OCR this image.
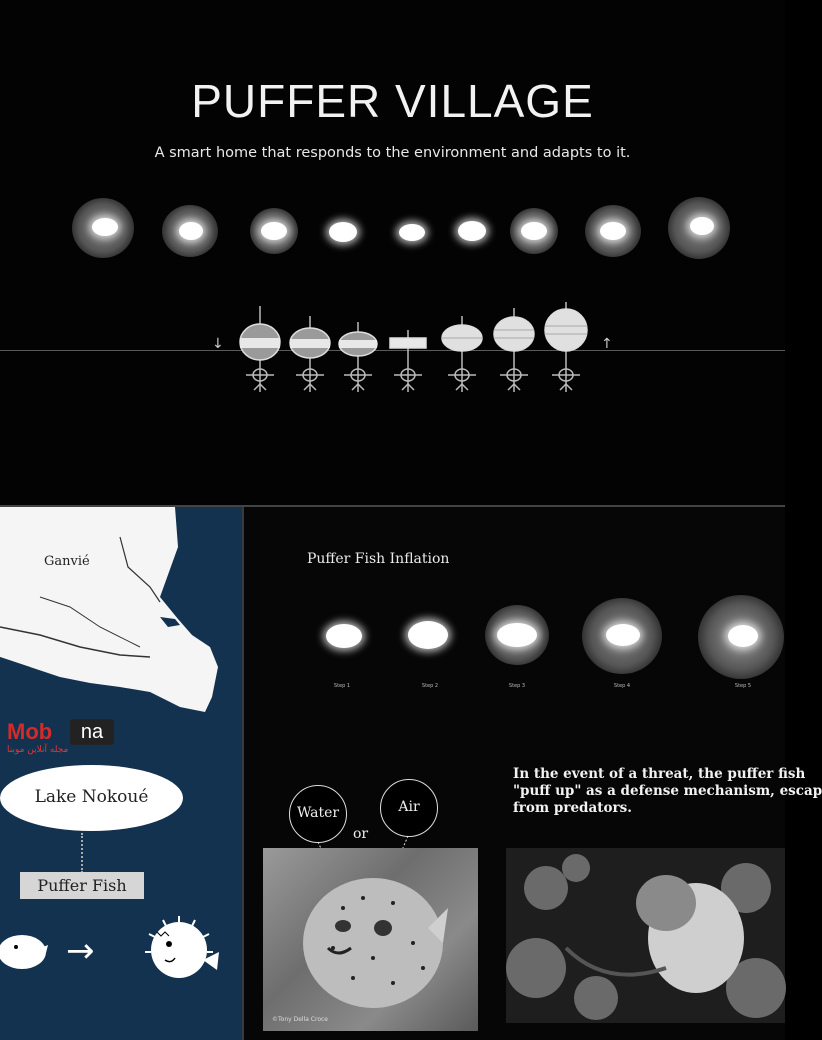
PUFFER VILLAGE
A smart home that responds to the environment and adapts to it.
↓	↑
Ganvié
Mob	na
مجله آنلاین موبنا
Lake Nokoué
Puffer Fish
→
Puffer Fish Inflation
Step 1	Step 2	Step 3	Step 4	Step 5
In the event of a threat, the puffer fish
"puff up" as a defense mechanism, escap
from predators.
Water
or
Air
©Tony Della Croce
